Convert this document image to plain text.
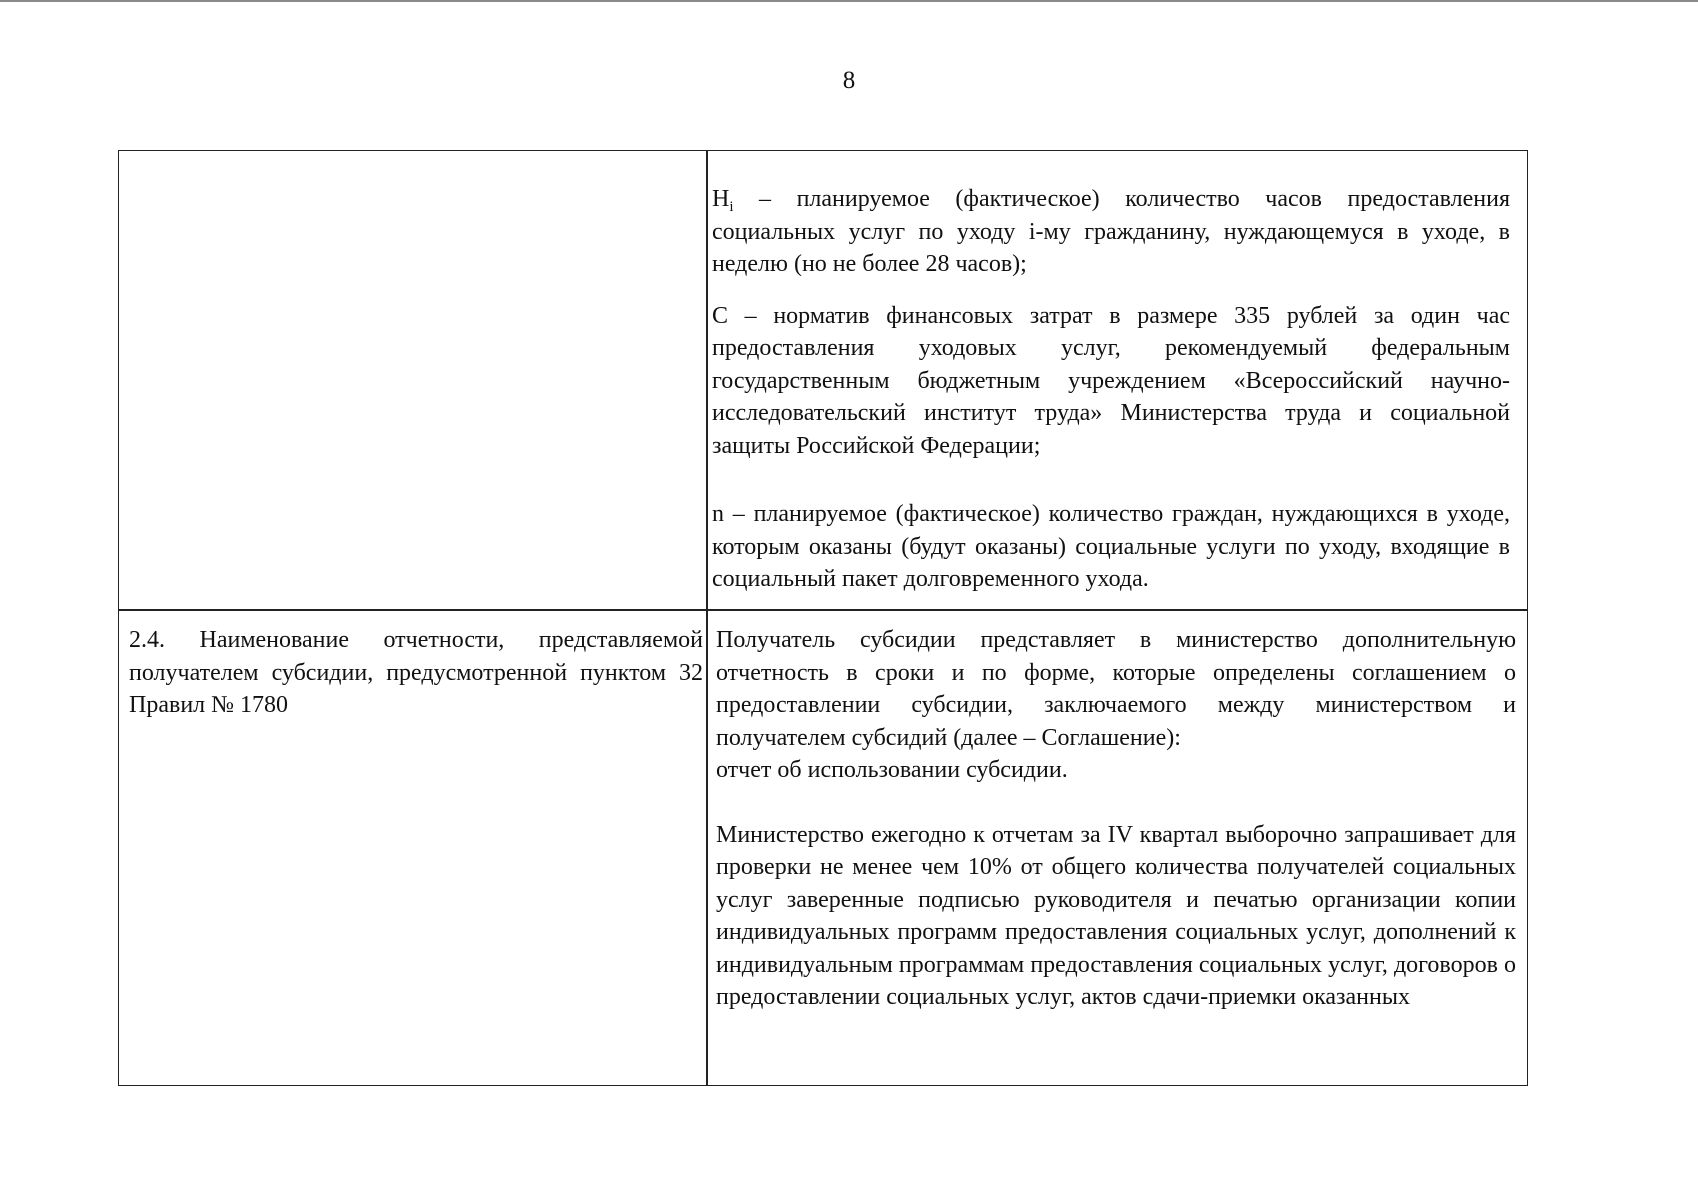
8

$H_i$ – планируемое (фактическое) количество часов предоставления социальных услуг по уходу i-му гражданину, нуждающемуся в уходе, в неделю (но не более 28 часов);

С – норматив финансовых затрат в размере 335 рублей за один час предоставления уходовых услуг, рекомендуемый федеральным государственным бюджетным учреждением «Всероссийский научно-исследовательский институт труда» Министерства труда и социальной защиты Российской Федерации;

n – планируемое (фактическое) количество граждан, нуждающихся в уходе, которым оказаны (будут оказаны) социальные услуги по уходу, входящие в социальный пакет долговременного ухода.

2.4. Наименование отчетности, представляемой получателем субсидии, предусмотренной пунктом 32 Правил № 1780

Получатель субсидии представляет в министерство дополнительную отчетность в сроки и по форме, которые определены соглашением о предоставлении субсидии, заключаемого между министерством и получателем субсидий (далее – Соглашение):

отчет об использовании субсидии.

Министерство ежегодно к отчетам за IV квартал выборочно запрашивает для проверки не менее чем 10% от общего количества получателей социальных услуг заверенные подписью руководителя и печатью организации копии индивидуальных программ предоставления социальных услуг, дополнений к индивидуальным программам предоставления социальных услуг, договоров о предоставлении социальных услуг, актов сдачи-приемки оказанных
